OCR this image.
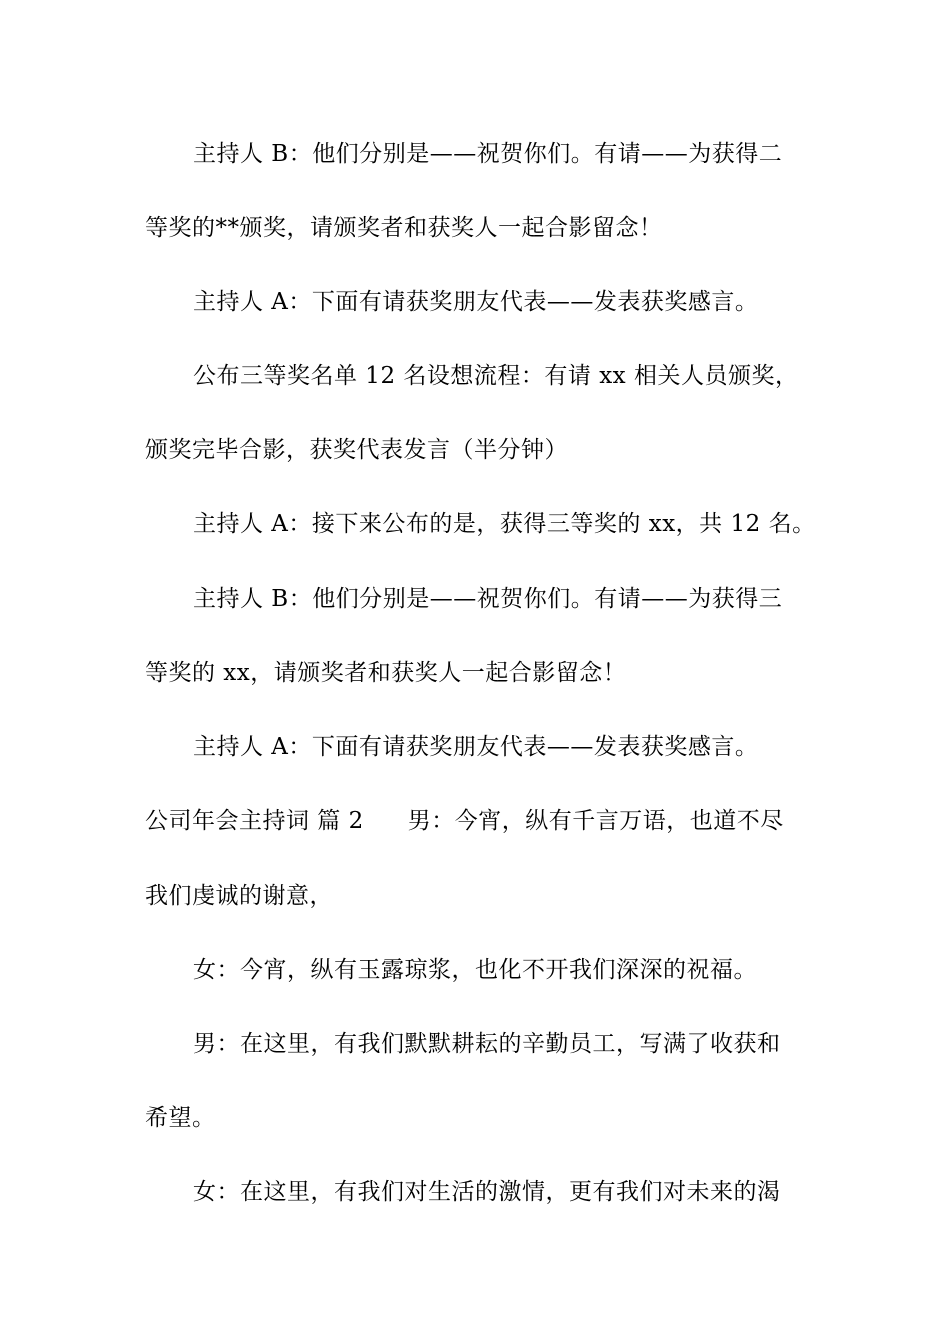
主持人 B：他们分别是——祝贺你们。有请——为获得二
等奖的**颁奖，请颁奖者和获奖人一起合影留念！
主持人 A：下面有请获奖朋友代表——发表获奖感言。
公布三等奖名单 12 名设想流程：有请 xx 相关人员颁奖，
颁奖完毕合影，获奖代表发言（半分钟）
主持人 A：接下来公布的是，获得三等奖的 xx，共 12 名。
主持人 B：他们分别是——祝贺你们。有请——为获得三
等奖的 xx，请颁奖者和获奖人一起合影留念！
主持人 A：下面有请获奖朋友代表——发表获奖感言。
公司年会主持词 篇 2 男：今宵，纵有千言万语，也道不尽
我们虔诚的谢意，
女：今宵，纵有玉露琼浆，也化不开我们深深的祝福。
男：在这里，有我们默默耕耘的辛勤员工，写满了收获和
希望。
女：在这里，有我们对生活的激情，更有我们对未来的渴
